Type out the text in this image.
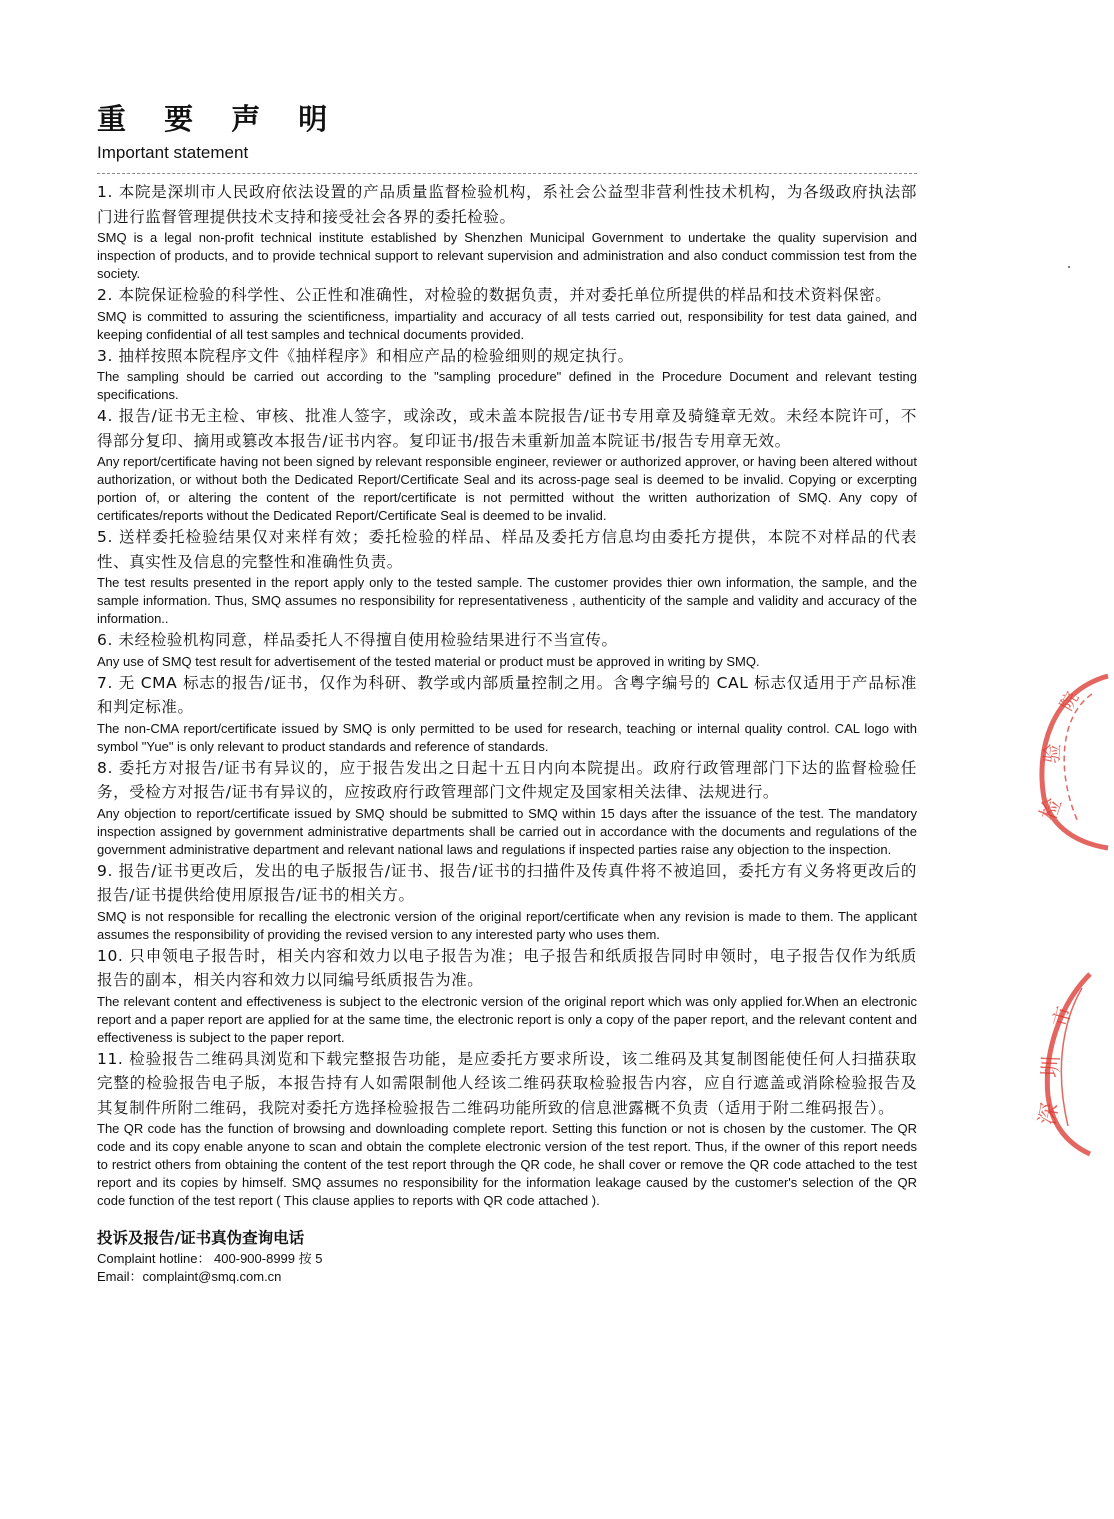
重 要 声 明
Important statement

1. 本院是深圳市人民政府依法设置的产品质量监督检验机构，系社会公益型非营利性技术机构，为各级政府执法部门进行监督管理提供技术支持和接受社会各界的委托检验。

SMQ is a legal non-profit technical institute established by Shenzhen Municipal Government to undertake the quality supervision and inspection of products, and to provide technical support to relevant supervision and administration and also conduct commission test from the society.

2. 本院保证检验的科学性、公正性和准确性，对检验的数据负责，并对委托单位所提供的样品和技术资料保密。

SMQ is committed to assuring the scientificness, impartiality and accuracy of all tests carried out, responsibility for test data gained, and keeping confidential of all test samples and technical documents provided.

3. 抽样按照本院程序文件《抽样程序》和相应产品的检验细则的规定执行。

The sampling should be carried out according to the "sampling procedure" defined in the Procedure Document and relevant testing specifications.

4. 报告/证书无主检、审核、批准人签字，或涂改，或未盖本院报告/证书专用章及骑缝章无效。未经本院许可，不得部分复印、摘用或篡改本报告/证书内容。复印证书/报告未重新加盖本院证书/报告专用章无效。

Any report/certificate having not been signed by relevant responsible engineer, reviewer or authorized approver, or having been altered without authorization, or without both the Dedicated Report/Certificate Seal and its across-page seal is deemed to be invalid. Copying or excerpting portion of, or altering the content of the report/certificate is not permitted without the written authorization of SMQ. Any copy of certificates/reports without the Dedicated Report/Certificate Seal is deemed to be invalid.

5. 送样委托检验结果仅对来样有效；委托检验的样品、样品及委托方信息均由委托方提供，本院不对样品的代表性、真实性及信息的完整性和准确性负责。

The test results presented in the report apply only to the tested sample. The customer provides thier own information, the sample, and the sample information. Thus, SMQ assumes no responsibility for representativeness , authenticity of the sample and validity and accuracy of the information..

6. 未经检验机构同意，样品委托人不得擅自使用检验结果进行不当宣传。

Any use of SMQ test result for advertisement of the tested material or product must be approved in writing by SMQ.

7. 无 CMA 标志的报告/证书，仅作为科研、教学或内部质量控制之用。含粤字编号的 CAL 标志仅适用于产品标准和判定标准。

The non-CMA report/certificate issued by SMQ is only permitted to be used for research, teaching or internal quality control. CAL logo with symbol "Yue" is only relevant to product standards and reference of standards.

8. 委托方对报告/证书有异议的，应于报告发出之日起十五日内向本院提出。政府行政管理部门下达的监督检验任务，受检方对报告/证书有异议的，应按政府行政管理部门文件规定及国家相关法律、法规进行。

Any objection to report/certificate issued by SMQ should be submitted to SMQ within 15 days after the issuance of the test. The mandatory inspection assigned by government administrative departments shall be carried out in accordance with the documents and regulations of the government administrative department and relevant national laws and regulations if inspected parties raise any objection to the inspection.

9. 报告/证书更改后，发出的电子版报告/证书、报告/证书的扫描件及传真件将不被追回，委托方有义务将更改后的报告/证书提供给使用原报告/证书的相关方。

SMQ is not responsible for recalling the electronic version of the original report/certificate when any revision is made to them. The applicant assumes the responsibility of providing the revised version to any interested party who uses them.

10. 只申领电子报告时，相关内容和效力以电子报告为准；电子报告和纸质报告同时申领时，电子报告仅作为纸质报告的副本，相关内容和效力以同编号纸质报告为准。

The relevant content and effectiveness is subject to the electronic version of the original report which was only applied for.When an electronic report and a paper report are applied for at the same time, the electronic report is only a copy of the paper report, and the relevant content and effectiveness is subject to the paper report.

11. 检验报告二维码具浏览和下载完整报告功能，是应委托方要求所设，该二维码及其复制图能使任何人扫描获取完整的检验报告电子版，本报告持有人如需限制他人经该二维码获取检验报告内容，应自行遮盖或消除检验报告及其复制件所附二维码，我院对委托方选择检验报告二维码功能所致的信息泄露概不负责（适用于附二维码报告）。

The QR code has the function of browsing and downloading complete report. Setting this function or not is chosen by the customer. The QR code and its copy enable anyone to scan and obtain the complete electronic version of the test report. Thus, if the owner of this report needs to restrict others from obtaining the content of the test report through the QR code, he shall cover or remove the QR code attached to the test report and its copies by himself. SMQ assumes no responsibility for the information leakage caused by the customer's selection of the QR code function of the test report ( This clause applies to reports with QR code attached ).

投诉及报告/证书真伪查询电话

Complaint hotline： 400-900-8999 按 5

Email：complaint@smq.com.cn

检
验
院
深
圳
市
